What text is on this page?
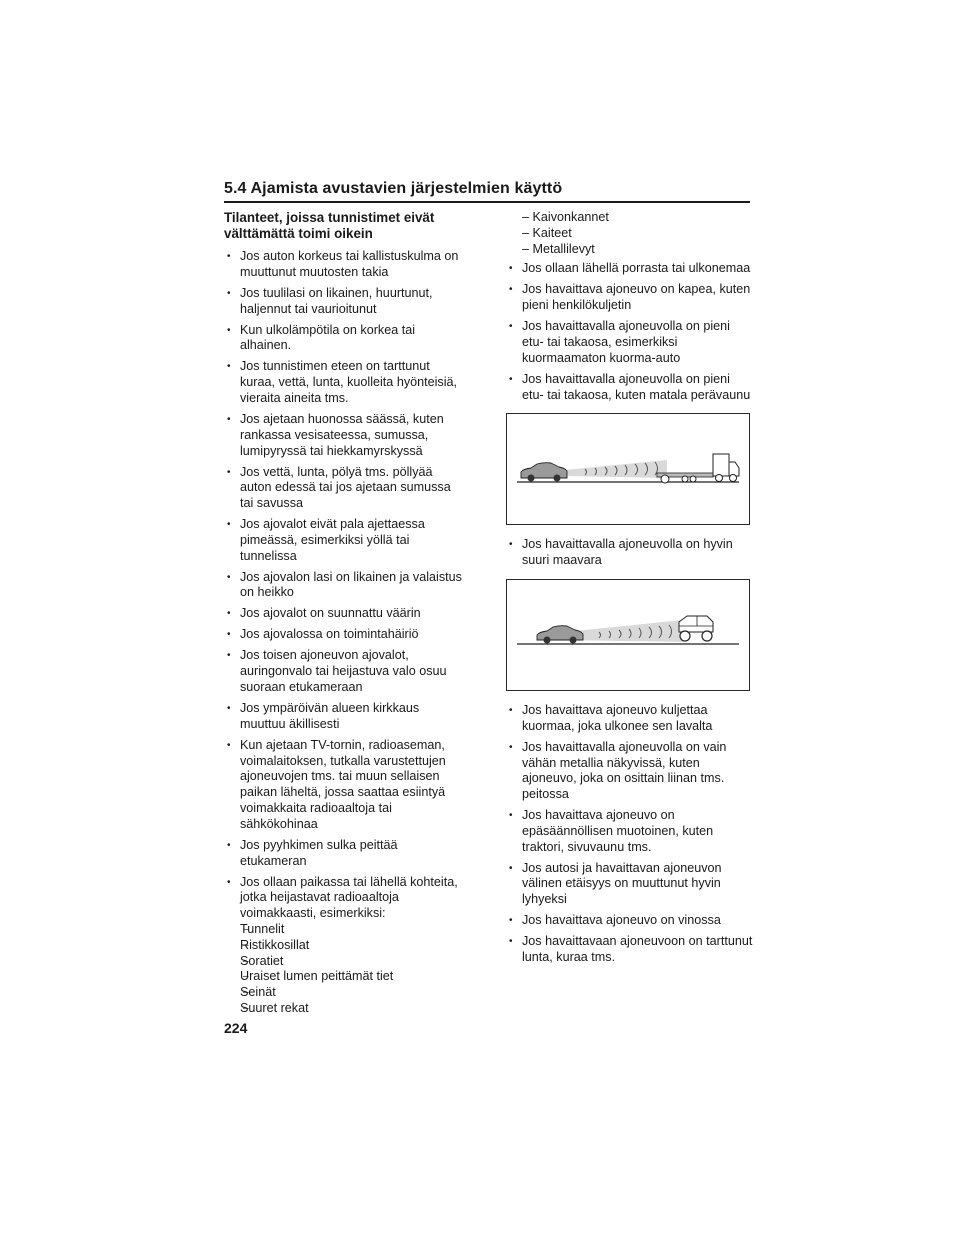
5.4 Ajamista avustavien järjestelmien käyttö
Tilanteet, joissa tunnistimet eivät
välttämättä toimi oikein
• Jos auton korkeus tai kallistuskulma on muuttunut muutosten takia
• Jos tuulilasi on likainen, huurtunut, haljennut tai vaurioitunut
• Kun ulkolämpötila on korkea tai alhainen.
• Jos tunnistimen eteen on tarttunut kuraa, vettä, lunta, kuolleita hyönteisiä, vieraita aineita tms.
• Jos ajetaan huonossa säässä, kuten rankassa vesisateessa, sumussa, lumipyryssä tai hiekkamyrskyssä
• Jos vettä, lunta, pölyä tms. pöllyää auton edessä tai jos ajetaan sumussa tai savussa
• Jos ajovalot eivät pala ajettaessa pimeässä, esimerkiksi yöllä tai tunnelissa
• Jos ajovalon lasi on likainen ja valaistus on heikko
• Jos ajovalot on suunnattu väärin
• Jos ajovalossa on toimintahäiriö
• Jos toisen ajoneuvon ajovalot, auringonvalo tai heijastuva valo osuu suoraan etukameraan
• Jos ympäröivän alueen kirkkaus muuttuu äkillisesti
• Kun ajetaan TV-tornin, radioaseman, voimalaitoksen, tutkalla varustettujen ajoneuvojen tms. tai muun sellaisen paikan läheltä, jossa saattaa esiintyä voimakkaita radioaaltoja tai sähkökohinaa
• Jos pyyhkimen sulka peittää etukameran
• Jos ollaan paikassa tai lähellä kohteita, jotka heijastavat radioaaltoja voimakkaasti, esimerkiksi:
– Tunnelit
– Ristikkosillat
– Soratiet
– Uraiset lumen peittämät tiet
– Seinät
– Suuret rekat
– Kaivonkannet
– Kaiteet
– Metallilevyt
• Jos ollaan lähellä porrasta tai ulkonemaa
• Jos havaittava ajoneuvo on kapea, kuten pieni henkilökuljetin
• Jos havaittavalla ajoneuvolla on pieni etu- tai takaosa, esimerkiksi kuormaamaton kuorma-auto
• Jos havaittavalla ajoneuvolla on pieni etu- tai takaosa, kuten matala perävaunu
• Jos havaittavalla ajoneuvolla on hyvin suuri maavara
• Jos havaittava ajoneuvo kuljettaa kuormaa, joka ulkonee sen lavalta
• Jos havaittavalla ajoneuvolla on vain vähän metallia näkyvissä, kuten ajoneuvo, joka on osittain liinan tms. peitossa
• Jos havaittava ajoneuvo on epäsäännöllisen muotoinen, kuten traktori, sivuvaunu tms.
• Jos autosi ja havaittavan ajoneuvon välinen etäisyys on muuttunut hyvin lyhyeksi
• Jos havaittava ajoneuvo on vinossa
• Jos havaittavaan ajoneuvoon on tarttunut lunta, kuraa tms.
224
